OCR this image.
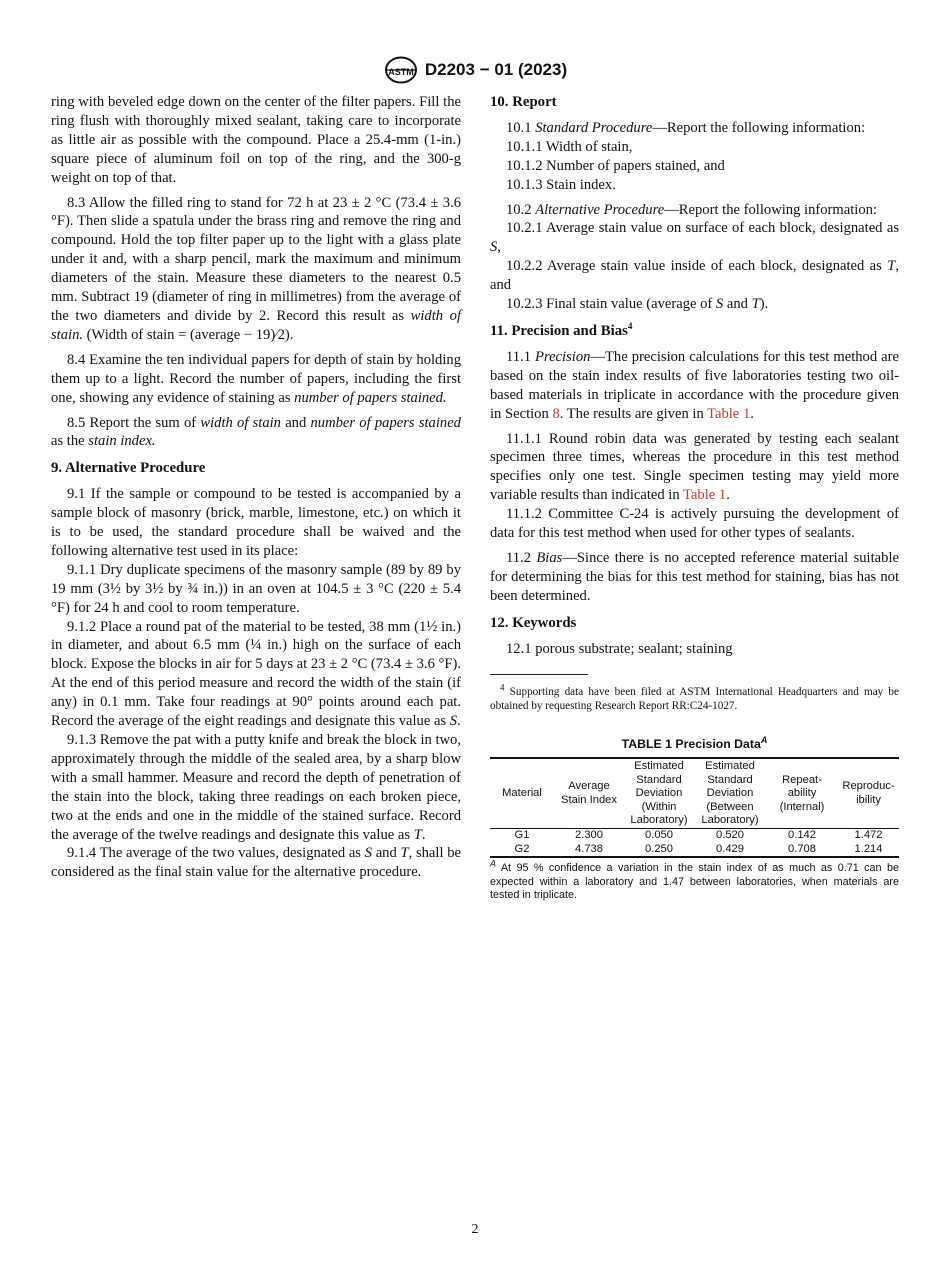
ASTM D2203 − 01 (2023)

ring with beveled edge down on the center of the filter papers. Fill the ring flush with thoroughly mixed sealant, taking care to incorporate as little air as possible with the compound. Place a 25.4-mm (1-in.) square piece of aluminum foil on top of the ring, and the 300-g weight on top of that.

8.3 Allow the filled ring to stand for 72 h at 23 ± 2 °C (73.4 ± 3.6 °F). Then slide a spatula under the brass ring and remove the ring and compound. Hold the top filter paper up to the light with a glass plate under it and, with a sharp pencil, mark the maximum and minimum diameters of the stain. Measure these diameters to the nearest 0.5 mm. Subtract 19 (diameter of ring in millimetres) from the average of the two diameters and divide by 2. Record this result as width of stain. (Width of stain = (average − 19)⁄2).

8.4 Examine the ten individual papers for depth of stain by holding them up to a light. Record the number of papers, including the first one, showing any evidence of staining as number of papers stained.

8.5 Report the sum of width of stain and number of papers stained as the stain index.

9. Alternative Procedure

9.1 If the sample or compound to be tested is accompanied by a sample block of masonry (brick, marble, limestone, etc.) on which it is to be used, the standard procedure shall be waived and the following alternative test used in its place:

9.1.1 Dry duplicate specimens of the masonry sample (89 by 89 by 19 mm (3½ by 3½ by ¾ in.)) in an oven at 104.5 ± 3 °C (220 ± 5.4 °F) for 24 h and cool to room temperature.

9.1.2 Place a round pat of the material to be tested, 38 mm (1½ in.) in diameter, and about 6.5 mm (¼ in.) high on the surface of each block. Expose the blocks in air for 5 days at 23 ± 2 °C (73.4 ± 3.6 °F). At the end of this period measure and record the width of the stain (if any) in 0.1 mm. Take four readings at 90° points around each pat. Record the average of the eight readings and designate this value as S.

9.1.3 Remove the pat with a putty knife and break the block in two, approximately through the middle of the sealed area, by a sharp blow with a small hammer. Measure and record the depth of penetration of the stain into the block, taking three readings on each broken piece, two at the ends and one in the middle of the stained surface. Record the average of the twelve readings and designate this value as T.

9.1.4 The average of the two values, designated as S and T, shall be considered as the final stain value for the alternative procedure.

10. Report

10.1 Standard Procedure—Report the following information:

10.1.1 Width of stain,

10.1.2 Number of papers stained, and

10.1.3 Stain index.

10.2 Alternative Procedure—Report the following information:

10.2.1 Average stain value on surface of each block, designated as S,

10.2.2 Average stain value inside of each block, designated as T, and

10.2.3 Final stain value (average of S and T).

11. Precision and Bias$^4$

11.1 Precision—The precision calculations for this test method are based on the stain index results of five laboratories testing two oil-based materials in triplicate in accordance with the procedure given in Section 8. The results are given in Table 1.

11.1.1 Round robin data was generated by testing each sealant specimen three times, whereas the procedure in this test method specifies only one test. Single specimen testing may yield more variable results than indicated in Table 1.

11.1.2 Committee C-24 is actively pursuing the development of data for this test method when used for other types of sealants.

11.2 Bias—Since there is no accepted reference material suitable for determining the bias for this test method for staining, bias has not been determined.

12. Keywords

12.1 porous substrate; sealant; staining

$^4$ Supporting data have been filed at ASTM International Headquarters and may be obtained by requesting Research Report RR:C24-1027.

TABLE 1 Precision Data$^A$
Material	Average Stain Index	Estimated Standard Deviation (Within Laboratory)	Estimated Standard Deviation (Between Laboratory)	Repeat-ability (Internal)	Reproduc-ibility
G1	2.300	0.050	0.520	0.142	1.472
G2	4.738	0.250	0.429	0.708	1.214
$^A$ At 95 % confidence a variation in the stain index of as much as 0.71 can be expected within a laboratory and 1.47 between laboratories, when materials are tested in triplicate.
2
